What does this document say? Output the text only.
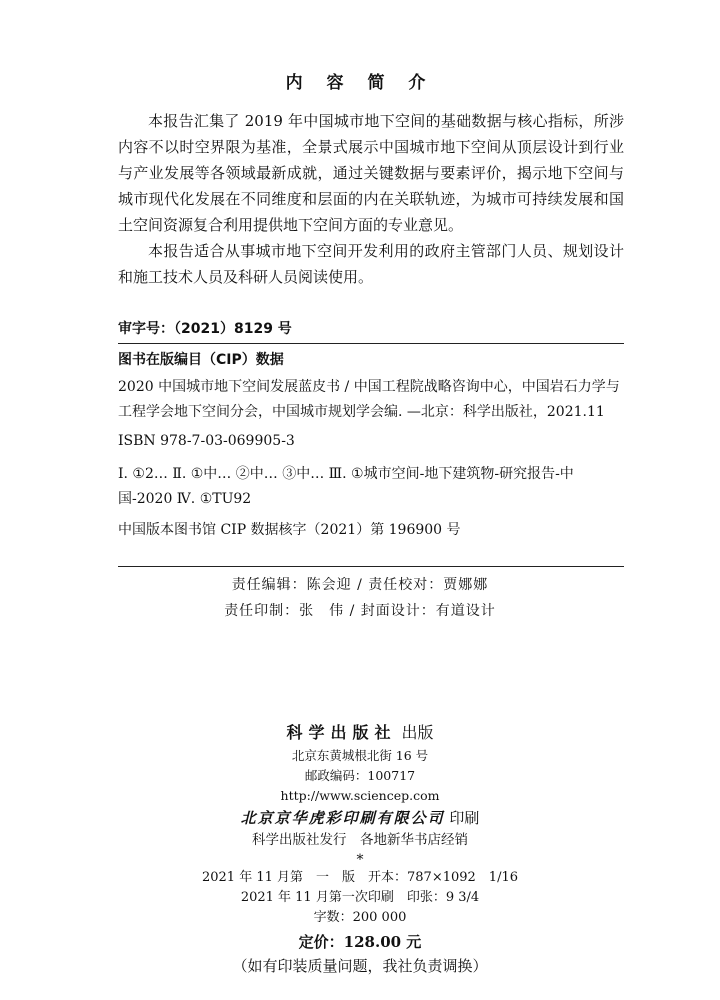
内 容 简 介

本报告汇集了 2019 年中国城市地下空间的基础数据与核心指标，所涉内容不以时空界限为基准，全景式展示中国城市地下空间从顶层设计到行业与产业发展等各领域最新成就，通过关键数据与要素评价，揭示地下空间与城市现代化发展在不同维度和层面的内在关联轨迹，为城市可持续发展和国土空间资源复合利用提供地下空间方面的专业意见。

本报告适合从事城市地下空间开发利用的政府主管部门人员、规划设计和施工技术人员及科研人员阅读使用。

审字号：（2021）8129 号
图书在版编目（CIP）数据

2020 中国城市地下空间发展蓝皮书 / 中国工程院战略咨询中心，中国岩石力学与工程学会地下空间分会，中国城市规划学会编. —北京：科学出版社，2021.11

ISBN 978-7-03-069905-3

Ⅰ. ①2… Ⅱ. ①中… ②中… ③中… Ⅲ. ①城市空间-地下建筑物-研究报告-中国-2020 Ⅳ. ①TU92

中国版本图书馆 CIP 数据核字（2021）第 196900 号

责任编辑：陈会迎 / 责任校对：贾娜娜
责任印制：张　伟 / 封面设计：有道设计
科学出版社 出版
北京东黄城根北街 16 号
邮政编码：100717
http://www.sciencep.com
北京京华虎彩印刷有限公司 印刷
科学出版社发行　各地新华书店经销
*
2021 年 11 月第　一　版　开本：787×1092　1/16
2021 年 11 月第一次印刷　印张：9 3/4
字数：200 000
定价：128.00 元
（如有印装质量问题，我社负责调换）
